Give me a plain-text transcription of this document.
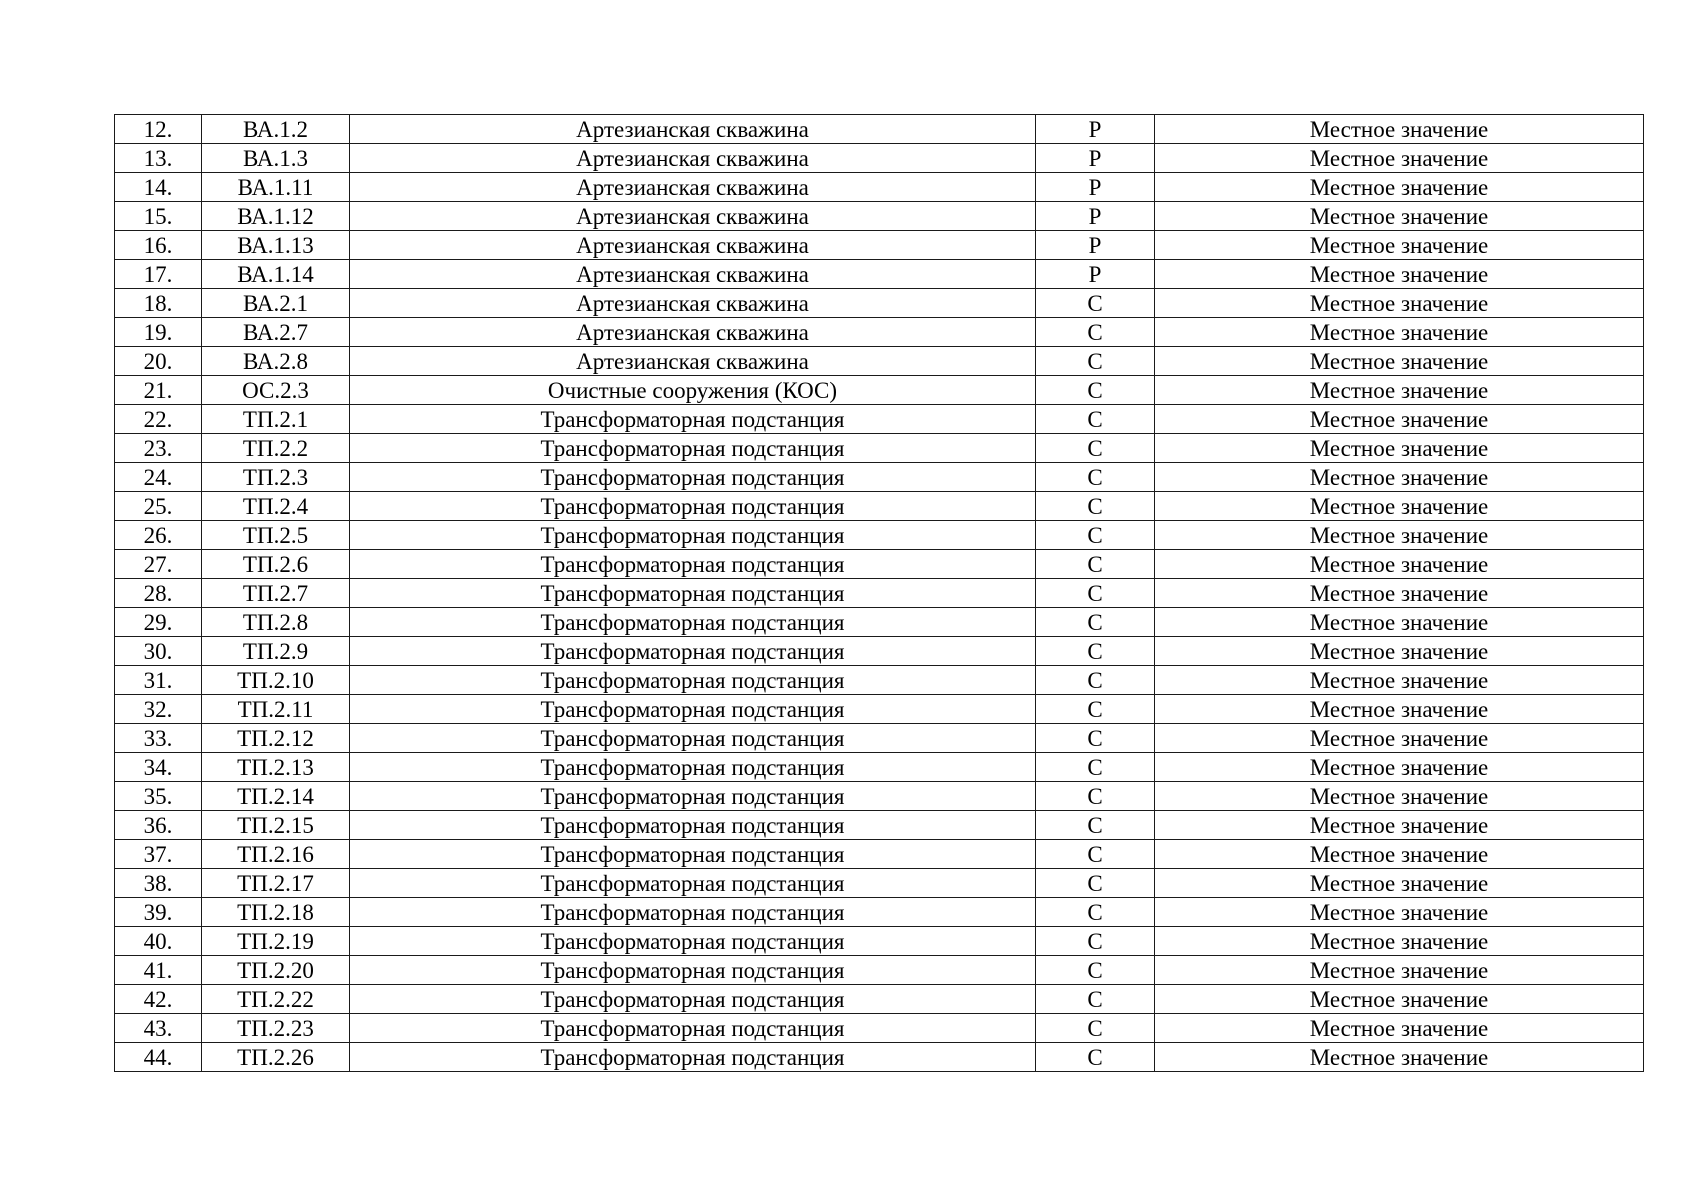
12.	ВА.1.2	Артезианская скважина	Р	Местное значение
13.	ВА.1.3	Артезианская скважина	Р	Местное значение
14.	ВА.1.11	Артезианская скважина	Р	Местное значение
15.	ВА.1.12	Артезианская скважина	Р	Местное значение
16.	ВА.1.13	Артезианская скважина	Р	Местное значение
17.	ВА.1.14	Артезианская скважина	Р	Местное значение
18.	ВА.2.1	Артезианская скважина	С	Местное значение
19.	ВА.2.7	Артезианская скважина	С	Местное значение
20.	ВА.2.8	Артезианская скважина	С	Местное значение
21.	ОС.2.3	Очистные сооружения (КОС)	С	Местное значение
22.	ТП.2.1	Трансформаторная подстанция	С	Местное значение
23.	ТП.2.2	Трансформаторная подстанция	С	Местное значение
24.	ТП.2.3	Трансформаторная подстанция	С	Местное значение
25.	ТП.2.4	Трансформаторная подстанция	С	Местное значение
26.	ТП.2.5	Трансформаторная подстанция	С	Местное значение
27.	ТП.2.6	Трансформаторная подстанция	С	Местное значение
28.	ТП.2.7	Трансформаторная подстанция	С	Местное значение
29.	ТП.2.8	Трансформаторная подстанция	С	Местное значение
30.	ТП.2.9	Трансформаторная подстанция	С	Местное значение
31.	ТП.2.10	Трансформаторная подстанция	С	Местное значение
32.	ТП.2.11	Трансформаторная подстанция	С	Местное значение
33.	ТП.2.12	Трансформаторная подстанция	С	Местное значение
34.	ТП.2.13	Трансформаторная подстанция	С	Местное значение
35.	ТП.2.14	Трансформаторная подстанция	С	Местное значение
36.	ТП.2.15	Трансформаторная подстанция	С	Местное значение
37.	ТП.2.16	Трансформаторная подстанция	С	Местное значение
38.	ТП.2.17	Трансформаторная подстанция	С	Местное значение
39.	ТП.2.18	Трансформаторная подстанция	С	Местное значение
40.	ТП.2.19	Трансформаторная подстанция	С	Местное значение
41.	ТП.2.20	Трансформаторная подстанция	С	Местное значение
42.	ТП.2.22	Трансформаторная подстанция	С	Местное значение
43.	ТП.2.23	Трансформаторная подстанция	С	Местное значение
44.	ТП.2.26	Трансформаторная подстанция	С	Местное значение
